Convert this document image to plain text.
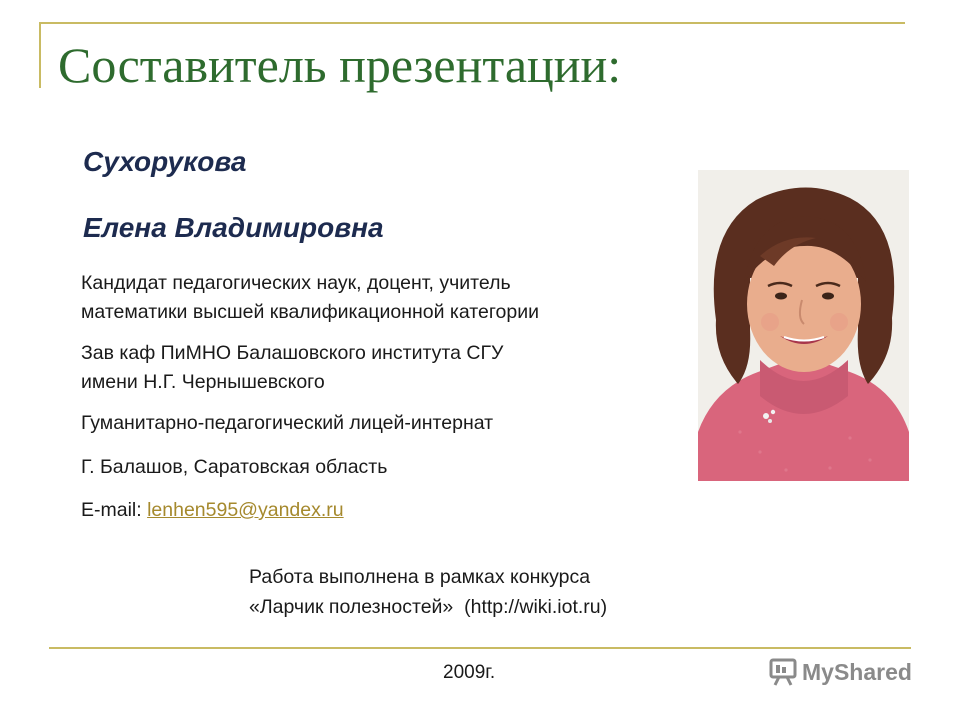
Составитель презентации:

Сухорукова

Елена Владимировна

Кандидат педагогических наук, доцент, учитель
математики высшей квалификационной категории

Зав каф ПиМНО Балашовского института СГУ
имени Н.Г. Чернышевского

Гуманитарно-педагогический лицей-интернат

Г. Балашов, Саратовская область

E-mail: lenhen595@yandex.ru

Работа выполнена в рамках конкурса
«Ларчик полезностей»  (http://wiki.iot.ru)

2009г.	MyShared
